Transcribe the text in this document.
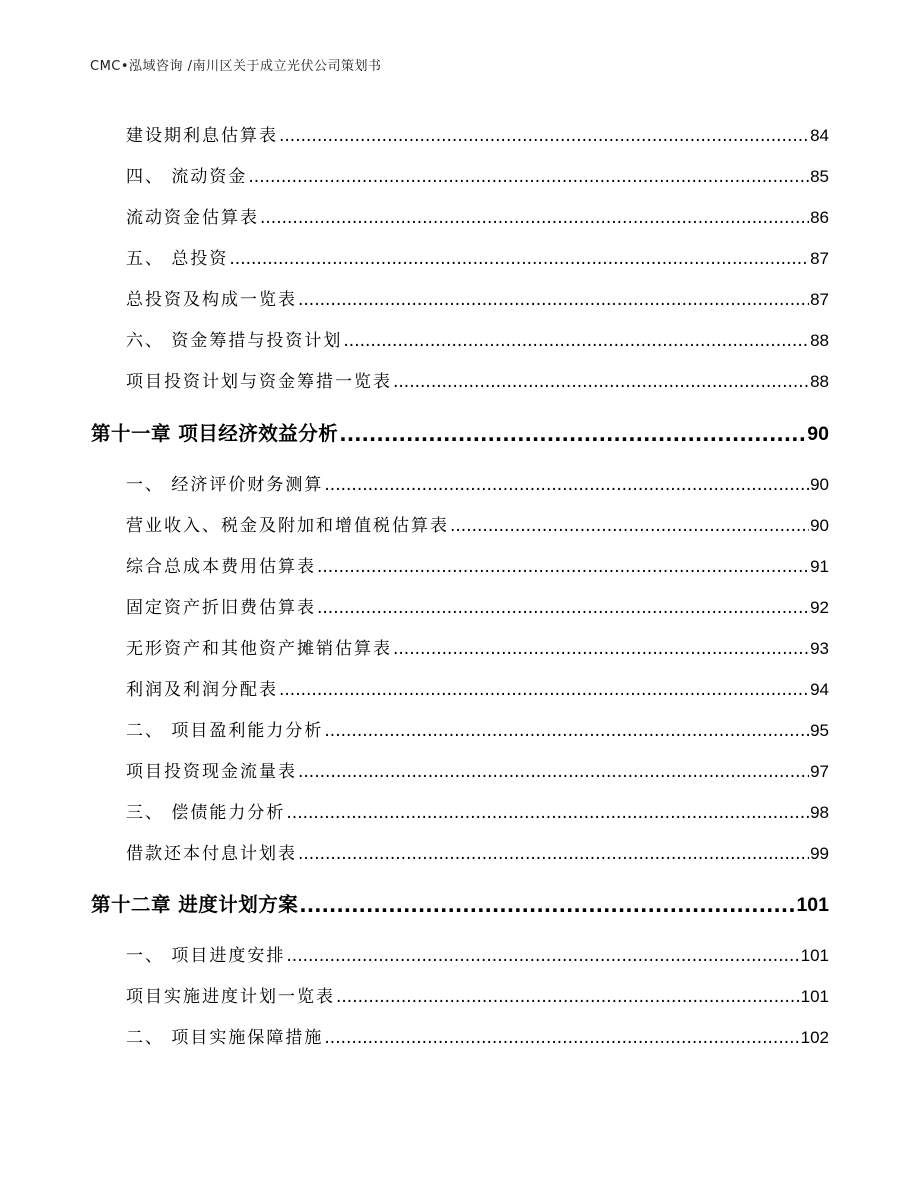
CMC•泓域咨询 /南川区关于成立光伏公司策划书
建设期利息估算表 .....	84
四、 流动资金 .....	85
流动资金估算表 .....	86
五、 总投资 .....	87
总投资及构成一览表 .....	87
六、 资金筹措与投资计划 .....	88
项目投资计划与资金筹措一览表 .....	88
第十一章 项目经济效益分析 .....	90
一、 经济评价财务测算 .....	90
营业收入、税金及附加和增值税估算表 .....	90
综合总成本费用估算表 .....	91
固定资产折旧费估算表 .....	92
无形资产和其他资产摊销估算表 .....	93
利润及利润分配表 .....	94
二、 项目盈利能力分析 .....	95
项目投资现金流量表 .....	97
三、 偿债能力分析 .....	98
借款还本付息计划表 .....	99
第十二章 进度计划方案 .....	101
一、 项目进度安排 .....	101
项目实施进度计划一览表 .....	101
二、 项目实施保障措施 .....	102
